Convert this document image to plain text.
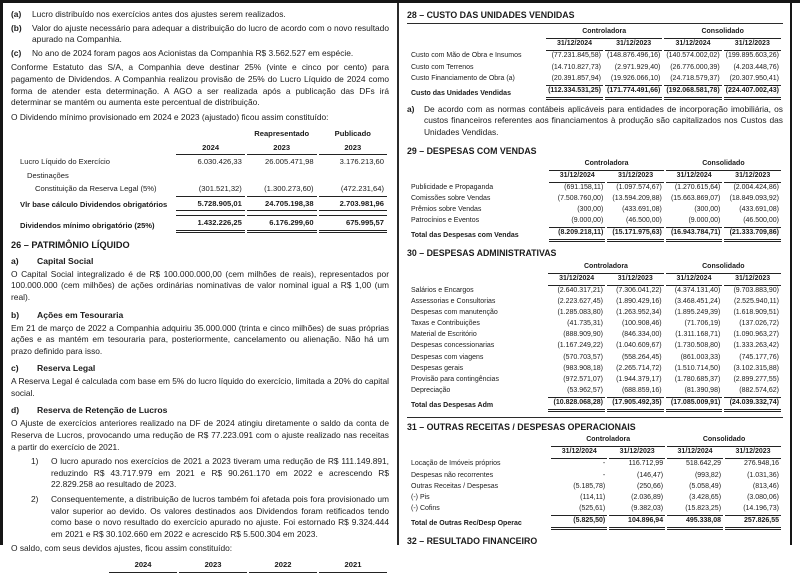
(a)	Lucro distribuído nos exercícios antes dos ajustes serem realizados.
(b)	Valor do ajuste necessário para adequar a distribuição do lucro de acordo com o novo resultado apurado na Companhia.
(c)	No ano de 2024 foram pagos aos Acionistas da Companhia R$ 3.562.527 em espécie.

Conforme Estatuto das S/A, a Companhia deve destinar 25% (vinte e cinco por cento) para pagamento de Dividendos. A Companhia realizou provisão de 25% do Lucro Líquido de 2024 como forma de atender esta determinação. A AGO a ser realizada após a publicação das DFs irá determinar se mantém ou aumenta este percentual de distribuição.

O Dividendo mínimo provisionado em 2024 e 2023 (ajustado) ficou assim constituído:

		Reapresentado	Publicado
	2024	2023	2023
Lucro Líquido do Exercício	6.030.426,33	26.005.471,98	3.176.213,60
Destinações			
Constituição da Reserva Legal (5%)	(301.521,32)	(1.300.273,60)	(472.231,64)
Vlr base cálculo Dividendos obrigatórios	5.728.905,01	24.705.198,38	2.703.981,96

Dividendos mínimo obrigatório (25%)	1.432.226,25	6.176.299,60	675.995,57
26 – PATRIMÔNIO LÍQUIDO
a)	Capital Social

O Capital Social integralizado é de R$ 100.000.000,00 (cem milhões de reais), representados por 100.000.000 (cem milhões) de ações ordinárias nominativas de valor nominal igual a R$ 1,00 (um real).

b)	Ações em Tesouraria

Em 21 de março de 2022 a Companhia adquiriu 35.000.000 (trinta e cinco milhões) de suas próprias ações e as mantém em tesouraria para, posteriormente, cancelamento ou alienação. Não há um prazo definido para isso.

c)	Reserva Legal

A Reserva Legal é calculada com base em 5% do lucro líquido do exercício, limitada a 20% do capital social.

d)	Reserva de Retenção de Lucros

O Ajuste de exercícios anteriores realizado na DF de 2024 atingiu diretamente o saldo da conta de Reserva de Lucros, provocando uma redução de R$ 77.223.091 com o ajuste realizado nas receitas a partir do exercício de 2021.

1)	O lucro apurado nos exercícios de 2021 a 2023 tiveram uma redução de R$ 111.149.891, reduzindo R$ 43.717.979 em 2021 e R$ 90.261.170 em 2022 e acrescendo R$ 22.829.258 ao resultado de 2023.
2)	Consequentemente, a distribuição de lucros também foi afetada pois fora provisionado um valor superior ao devido. Os valores destinados aos Dividendos foram retificados tendo como base o novo resultado do exercício apurado no ajuste. Foi estornado R$ 9.324.444 em 2021 e R$ 30.102.660 em 2022 e acrescido R$ 5.500.304 em 2023.

O saldo, com seus devidos ajustes, ficou assim constituído:

	2024	2023	2022	2021
28 – CUSTO DAS UNIDADES VENDIDAS
	Controladora		Consolidado	
	31/12/2024	31/12/2023	31/12/2024	31/12/2023
Custo com Mão de Obra e Insumos	(77.231.845,58)	(148.876.496,16)	(140.574.002,02)	(199.895.603,26)
Custo com Terrenos	(14.710.827,73)	(2.971.929,40)	(26.776.000,39)	(4.203.448,76)
Custo Financiamento de Obra (a)	(20.391.857,94)	(19.926.066,10)	(24.718.579,37)	(20.307.950,41)
Custo das Unidades Vendidas	(112.334.531,25)	(171.774.491,66)	(192.068.581,78)	(224.407.002,43)
a)	De acordo com as normas contábeis aplicáveis para entidades de incorporação imobiliária, os custos financeiros referentes aos financiamentos à produção são capitalizados nos Custos das Unidades Vendidas.
29 – DESPESAS COM VENDAS
	Controladora		Consolidado	
	31/12/2024	31/12/2023	31/12/2024	31/12/2023
Publicidade e Propaganda	(691.158,11)	(1.097.574,67)	(1.270.615,64)	(2.004.424,86)
Comissões sobre Vendas	(7.508.760,00)	(13.594.209,88)	(15.663.869,07)	(18.849.093,92)
Prêmios sobre Vendas	(300,00)	(433.691,08)	(300,00)	(433.691,08)
Patrocínios e Eventos	(9.000,00)	(46.500,00)	(9.000,00)	(46.500,00)
Total das Despesas com Vendas	(8.209.218,11)	(15.171.975,63)	(16.943.784,71)	(21.333.709,86)
30 – DESPESAS ADMINISTRATIVAS
	Controladora		Consolidado	
	31/12/2024	31/12/2023	31/12/2024	31/12/2023
Salários e Encargos	(2.640.317,21)	(7.306.041,22)	(4.374.131,40)	(9.703.883,90)
Assessorias e Consultorias	(2.223.627,45)	(1.890.429,16)	(3.468.451,24)	(2.525.940,11)
Despesas com manutenção	(1.285.083,80)	(1.263.952,34)	(1.895.249,39)	(1.618.909,51)
Taxas e Contribuições	(41.735,31)	(100.908,46)	(71.706,19)	(137.026,72)
Material de Escritório	(888.909,90)	(846.334,00)	(1.311.168,71)	(1.090.963,27)
Despesas concessionarias	(1.167.249,22)	(1.040.609,67)	(1.730.508,80)	(1.333.263,42)
Despesas com viagens	(570.703,57)	(558.264,45)	(861.003,33)	(745.177,76)
Despesas gerais	(983.908,18)	(2.265.714,72)	(1.510.714,50)	(3.102.315,88)
Provisão para contingências	(972.571,07)	(1.944.379,17)	(1.780.685,37)	(2.899.277,55)
Depreciação	(53.962,57)	(688.859,16)	(81.390,98)	(882.574,62)
Total das Despesas Adm	(10.828.068,28)	(17.905.492,35)	(17.085.009,91)	(24.039.332,74)
31 – OUTRAS RECEITAS / DESPESAS OPERACIONAIS
	Controladora		Consolidado	
	31/12/2024	31/12/2023	31/12/2024	31/12/2023
Locação de Imóveis próprios	-	116.712,99	518.642,29	276.948,16
Despesas não recorrentes	-	(146,47)	(993,82)	(1.031,36)
Outras Receitas / Despesas	(5.185,78)	(250,66)	(5.058,49)	(813,46)
(-) Pis	(114,11)	(2.036,89)	(3.428,65)	(3.080,06)
(-) Cofins	(525,61)	(9.382,03)	(15.823,25)	(14.196,73)
Total de Outras Rec/Desp Operac	(5.825,50)	104.896,94	495.338,08	257.826,55
32 – RESULTADO FINANCEIRO
